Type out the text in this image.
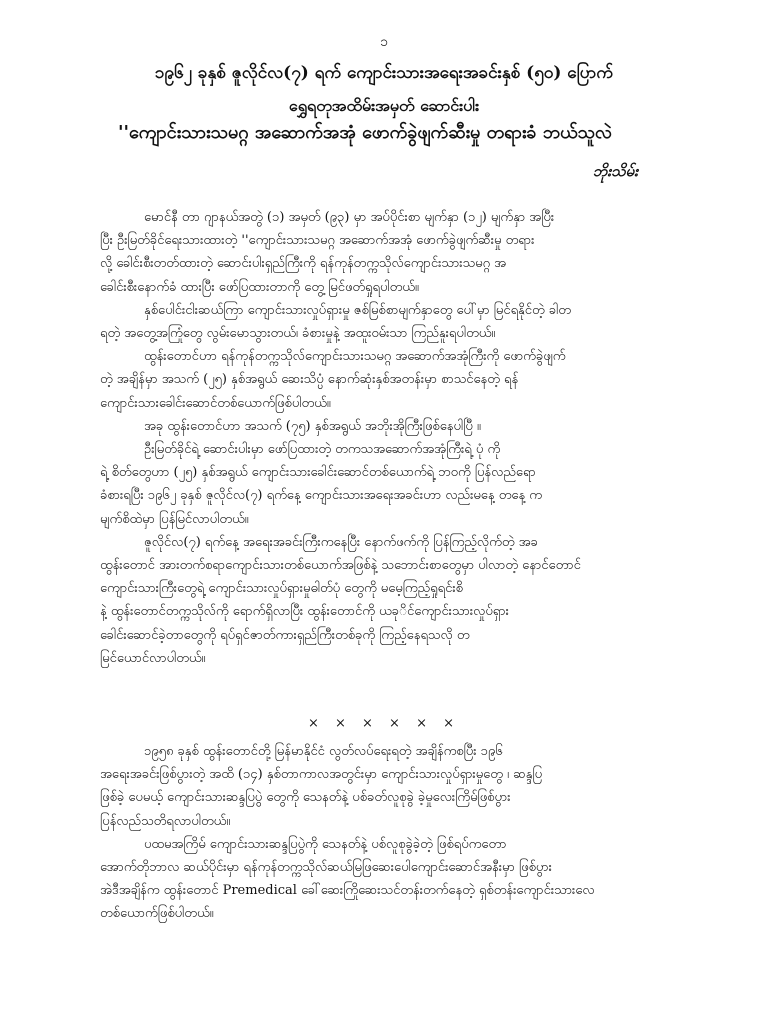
၁
၁၉၆၂ ခုနှစ် ဇူလိုင်လ(၇) ရက် ကျောင်းသားအရေးအခင်းနှစ် (၅၀) ပြောက်
ရွှေရတုအထိမ်းအမှတ် ဆောင်းပါး
''ကျောင်းသားသမဂ္ဂ အဆောက်အအုံ ဖောက်ခွဲဖျက်ဆီးမှု တရားခံ ဘယ်သူလဲ
ဘိုးသိမ်း
မောင်နီ တာ ဂျာနယ်အတွဲ (၁) အမှတ် (၉၃) မှာ အပ်ပိုင်းစာ မျက်နှာ (၁၂) မျက်နှာ အပြီး
ပြီး ဦးမြတ်ခိုင်ရေးသားထားတဲ့ ''ကျောင်းသားသမဂ္ဂ အဆောက်အအုံ ဖောက်ခွဲဖျက်ဆီးမှု တရား
လို့ ခေါင်းစီးတတ်ထားတဲ့ ဆောင်းပါးရှည်ကြီးကို ရန်ကုန်တက္ကသိုလ်ကျောင်းသားသမဂ္ဂ အ
ခေါင်းစီးနောက်ခံ ထားပြီး ဖော်ပြထားတာကို တွေ့ မြင်ဖတ်ရှုရပါတယ်။
နှစ်ပေါင်းငါးဆယ်ကြာ ကျောင်းသားလှုပ်ရှားမှု ဇစ်မြစ်စာမျက်နှာတွေ ပေါ်မှာ မြင်ရနိုင်တဲ့ ခါတ
ရတဲ့ အတွေ့အကြုံတွေ လွမ်းမောသွားတယ်၊ ခံစားမှုနဲ့ အထူးဝမ်းသာ ကြည်နူးရပါတယ်။
ထွန်းတောင်ဟာ ရန်ကုန်တက္ကသိုလ်ကျောင်းသားသမဂ္ဂ အဆောက်အအုံကြီးကို ဖောက်ခွဲဖျက်
တဲ့ အချိန်မှာ အသက် (၂၅) နှစ်အရွယ် ဆေးသိပ္ပံ နောက်ဆုံးနှစ်အတန်းမှာ စာသင်နေတဲ့ ရန်
ကျောင်းသားခေါင်းဆောင်တစ်ယောက်ဖြစ်ပါတယ်။
အခု ထွန်းတောင်ဟာ အသက် (၇၅) နှစ်အရွယ် အဘိုးအိုကြီးဖြစ်နေပါပြီ ။
ဦးမြတ်ခိုင်ရဲ့ ဆောင်းပါးမှာ ဖော်ပြထားတဲ့ တကသအဆောက်အအုံကြီးရဲ့ ပုံ ကို
ရဲ့ စိတ်တွေဟာ (၂၅) နှစ်အရွယ် ကျောင်းသားခေါင်းဆောင်တစ်ယောက်ရဲ့ ဘဝကို ပြန်လည်ရော
ခံစားရပြီး ၁၉၆၂ ခုနှစ် ဇူလိုင်လ(၇) ရက်နေ့ ကျောင်းသားအရေးအခင်းဟာ လည်းမနေ့ တနေ့ က
မျက်စိထဲမှာ ပြန်မြင်လာပါတယ်။
ဇူလိုင်လ(၇) ရက်နေ့ အရေးအခင်းကြီးကနေပြီး နောက်ဖက်ကို ပြန်ကြည့်လိုက်တဲ့ အခ
ထွန်းတောင် အားတက်စရာကျောင်းသားတစ်ယောက်အဖြစ်နဲ့ သဘောင်းစာတွေမှာ ပါလာတဲ့ နောင်တောင်
ကျောင်းသားကြီးတွေရဲ့ ကျောင်းသားလှုပ်ရှားမှုဓါတ်ပုံ တွေကို မမေ့ကြည့်ရှုရင်းစိ
နဲ့ ထွန်းတောင်တက္ကသိုလ်ကို ရောက်ရှိလာပြီး ထွန်းတောင်ကို ယခုိင်ကျောင်းသားလှုပ်ရှား
ခေါင်းဆောင်ခဲ့တာတွေကို ရပ်ရှင်ဇာတ်ကားရှည်ကြီးတစ်ခုကို ကြည့်နေရသလို တ
မြင်ယောင်လာပါတယ်။
× × × × × ×
၁၉၅၈ ခုနှစ် ထွန်းတောင်တို့ မြန်မာနိုင်ငံ လွတ်လပ်ရေးရတဲ့ အချိန်ကစပြီး ၁၉၆
အရေးအခင်းဖြစ်ပွားတဲ့ အထိ (၁၄) နှစ်တာကာလအတွင်းမှာ ကျောင်းသားလှုပ်ရှားမှုတွေ ၊ ဆန္ဒပြ
ဖြစ်ခဲ့ ပေမယ့် ကျောင်းသားဆန္ဒပြပွဲ တွေကို သေနတ်နဲ့ ပစ်ခတ်လူစုခွဲ ခဲ့မှုလေးကြိမ်ဖြစ်ပွား
ပြန်လည်သတိရလာပါတယ်။
ပထမအကြိမ် ကျောင်းသားဆန္ဒပြပွဲကို သေနတ်နဲ့ ပစ်လူစုခွဲခဲ့တဲ့ ဖြစ်ရပ်ကတော
အောက်တိုဘာလ ဆယ်ပိုင်းမှာ ရန်ကုန်တက္ကသိုလ်ဆယ်မြဖြဆေးပေါကျောင်းဆောင်အနီးမှာ ဖြစ်ပွား
အဲဒီအချိန်က ထွန်းတောင် Premedical ခေါ်ဆေးကြိုဆေးသင်တန်းတက်နေတဲ့ ရှစ်တန်းကျောင်းသားလေ
တစ်ယောက်ဖြစ်ပါတယ်။
